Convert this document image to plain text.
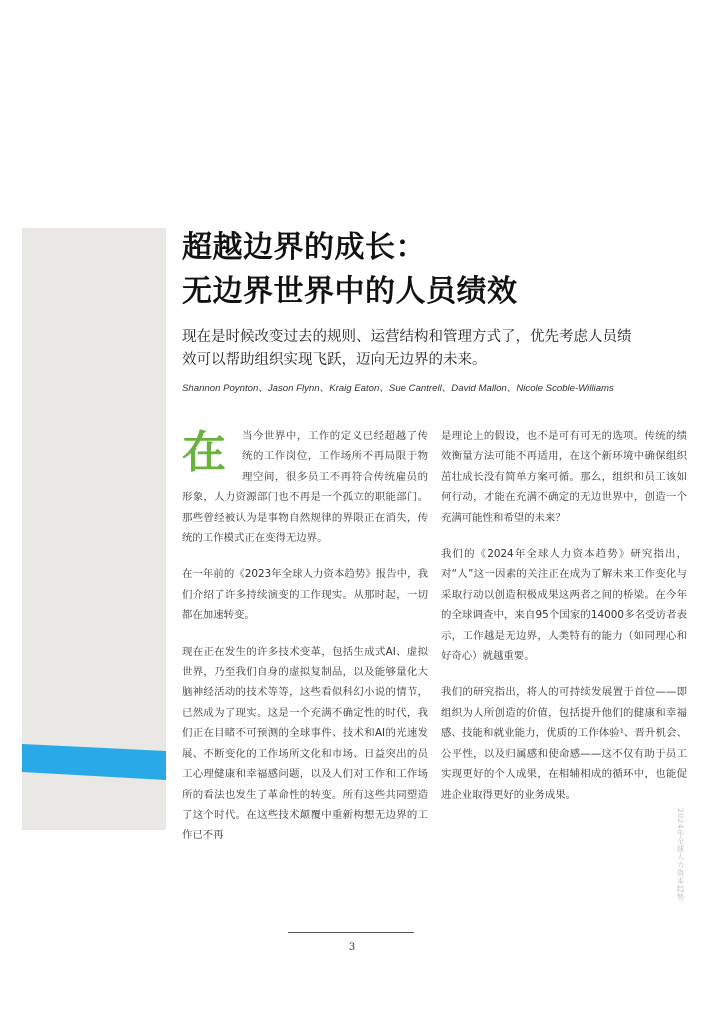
超越边界的成长：
无边界世界中的人员绩效

现在是时候改变过去的规则、运营结构和管理方式了，优先考虑人员绩效可以帮助组织实现飞跃，迈向无边界的未来。

Shannon Poynton、Jason Flynn、Kraig Eaton、Sue Cantrell、David Mallon、Nicole Scoble-Williams

在 当今世界中，工作的定义已经超越了传统的工作岗位，工作场所不再局限于物理空间，很多员工不再符合传统雇员的形象，人力资源部门也不再是一个孤立的职能部门。那些曾经被认为是事物自然规律的界限正在消失，传统的工作模式正在变得无边界。

在一年前的《2023年全球人力资本趋势》报告中，我们介绍了许多持续演变的工作现实。从那时起，一切都在加速转变。

现在正在发生的许多技术变革，包括生成式AI、虚拟世界，乃至我们自身的虚拟复制品，以及能够量化大脑神经活动的技术等等，这些看似科幻小说的情节，已然成为了现实。这是一个充满不确定性的时代，我们正在目睹不可预测的全球事件、技术和AI的光速发展、不断变化的工作场所文化和市场、日益突出的员工心理健康和幸福感问题，以及人们对工作和工作场所的看法也发生了革命性的转变。所有这些共同塑造了这个时代。在这些技术颠覆中重新构想无边界的工作已不再

是理论上的假设，也不是可有可无的选项。传统的绩效衡量方法可能不再适用，在这个新环境中确保组织茁壮成长没有简单方案可循。那么，组织和员工该如何行动，才能在充满不确定的无边世界中，创造一个充满可能性和希望的未来？

我们的《2024年全球人力资本趋势》研究指出，对“人”这一因素的关注正在成为了解未来工作变化与采取行动以创造积极成果这两者之间的桥梁。在今年的全球调查中，来自95个国家的14000多名受访者表示，工作越是无边界，人类特有的能力（如同理心和好奇心）就越重要。

我们的研究指出，将人的可持续发展置于首位——即组织为人所创造的价值，包括提升他们的健康和幸福感、技能和就业能力，优质的工作体验¹、晋升机会、公平性，以及归属感和使命感——这不仅有助于员工实现更好的个人成果，在相辅相成的循环中，也能促进企业取得更好的业务成果。

2024年全球人力资本趋势
3
